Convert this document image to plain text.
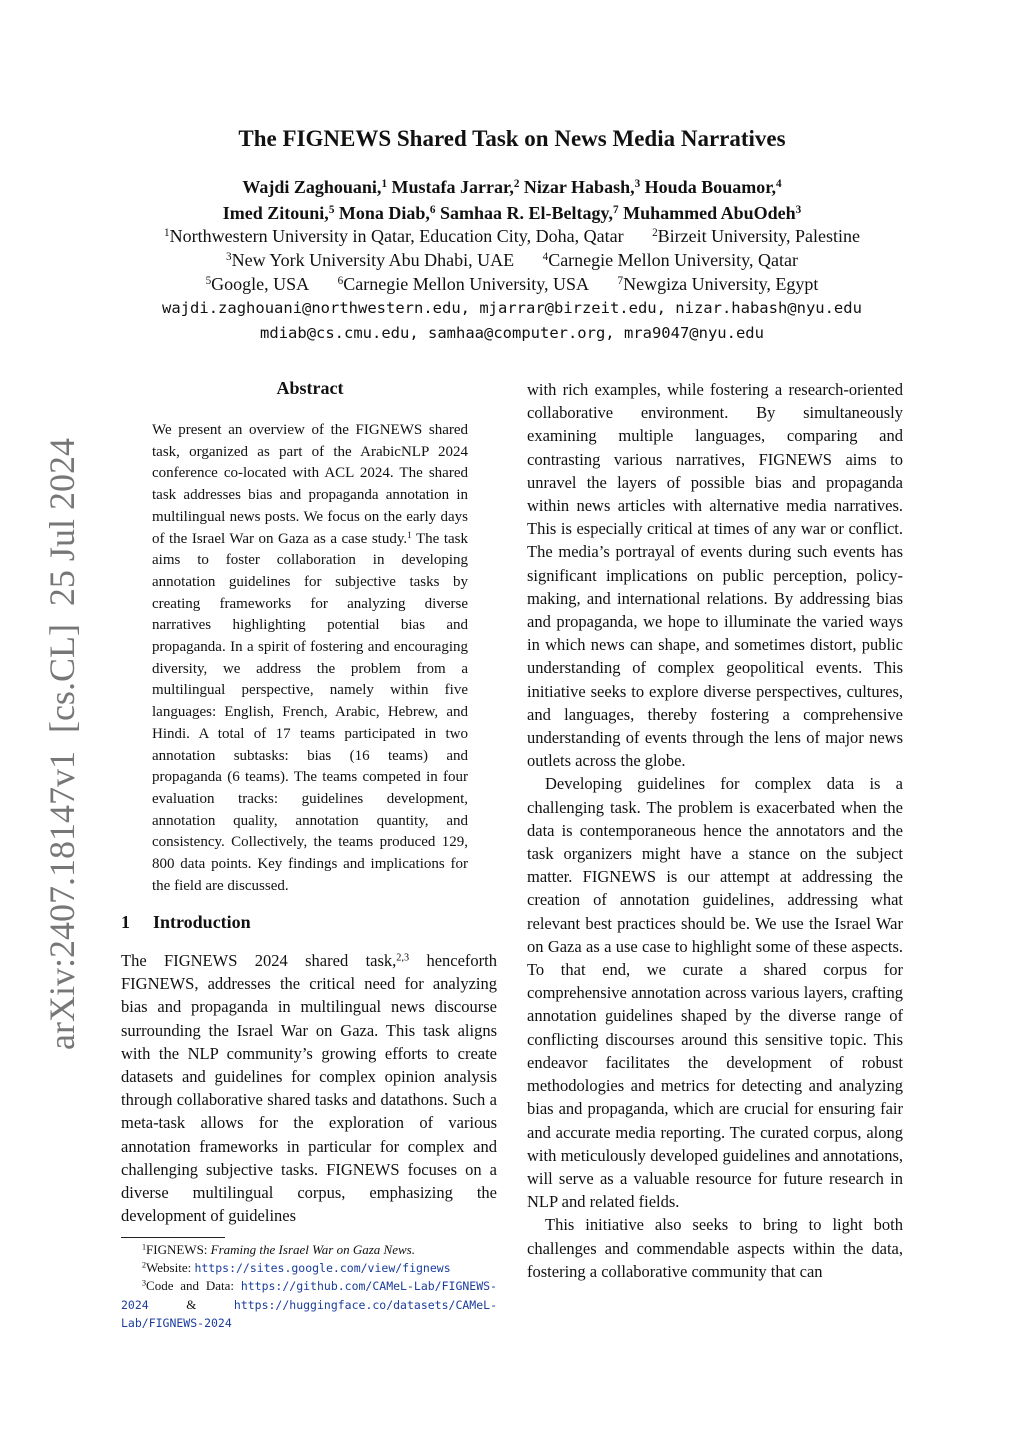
arXiv:2407.18147v1  [cs.CL]  25 Jul 2024
The FIGNEWS Shared Task on News Media Narratives
Wajdi Zaghouani,$^1$ Mustafa Jarrar,$^2$ Nizar Habash,$^3$ Houda Bouamor,$^4$
Imed Zitouni,$^5$ Mona Diab,$^6$ Samhaa R. El-Beltagy,$^7$ Muhammed AbuOdeh$^3$
$^1$Northwestern University in Qatar, Education City, Doha, Qatar	$^2$Birzeit University, Palestine
$^3$New York University Abu Dhabi, UAE	$^4$Carnegie Mellon University, Qatar
$^5$Google, USA	$^6$Carnegie Mellon University, USA	$^7$Newgiza University, Egypt
wajdi.zaghouani@northwestern.edu, mjarrar@birzeit.edu, nizar.habash@nyu.edu
mdiab@cs.cmu.edu, samhaa@computer.org, mra9047@nyu.edu
Abstract
We present an overview of the FIGNEWS shared task, organized as part of the ArabicNLP 2024 conference co-located with ACL 2024. The shared task addresses bias and propaganda annotation in multilingual news posts. We focus on the early days of the Israel War on Gaza as a case study.$^1$ The task aims to foster collaboration in developing annotation guidelines for subjective tasks by creating frameworks for analyzing diverse narratives highlighting potential bias and propaganda. In a spirit of fostering and encouraging diversity, we address the problem from a multilingual perspective, namely within five languages: English, French, Arabic, Hebrew, and Hindi. A total of 17 teams participated in two annotation subtasks: bias (16 teams) and propaganda (6 teams). The teams competed in four evaluation tracks: guidelines development, annotation quality, annotation quantity, and consistency. Collectively, the teams produced 129, 800 data points. Key findings and implications for the field are discussed.
1 Introduction
The FIGNEWS 2024 shared task,$^{2,3}$ henceforth FIGNEWS, addresses the critical need for analyzing bias and propaganda in multilingual news discourse surrounding the Israel War on Gaza. This task aligns with the NLP community’s growing efforts to create datasets and guidelines for complex opinion analysis through collaborative shared tasks and datathons. Such a meta-task allows for the exploration of various annotation frameworks in particular for complex and challenging subjective tasks. FIGNEWS focuses on a diverse multilingual corpus, emphasizing the development of guidelines

with rich examples, while fostering a research-oriented collaborative environment. By simultaneously examining multiple languages, comparing and contrasting various narratives, FIGNEWS aims to unravel the layers of possible bias and propaganda within news articles with alternative media narratives. This is especially critical at times of any war or conflict. The media’s portrayal of events during such events has significant implications on public perception, policy-making, and international relations. By addressing bias and propaganda, we hope to illuminate the varied ways in which news can shape, and sometimes distort, public understanding of complex geopolitical events. This initiative seeks to explore diverse perspectives, cultures, and languages, thereby fostering a comprehensive understanding of events through the lens of major news outlets across the globe.

Developing guidelines for complex data is a challenging task. The problem is exacerbated when the data is contemporaneous hence the annotators and the task organizers might have a stance on the subject matter. FIGNEWS is our attempt at addressing the creation of annotation guidelines, addressing what relevant best practices should be. We use the Israel War on Gaza as a use case to highlight some of these aspects. To that end, we curate a shared corpus for comprehensive annotation across various layers, crafting annotation guidelines shaped by the diverse range of conflicting discourses around this sensitive topic. This endeavor facilitates the development of robust methodologies and metrics for detecting and analyzing bias and propaganda, which are crucial for ensuring fair and accurate media reporting. The curated corpus, along with meticulously developed guidelines and annotations, will serve as a valuable resource for future research in NLP and related fields.

This initiative also seeks to bring to light both challenges and commendable aspects within the data, fostering a collaborative community that can

$^1$FIGNEWS: Framing the Israel War on Gaza News.
$^2$Website: https://sites.google.com/view/fignews
$^3$Code and Data: https://github.com/CAMeL-Lab/FIGNEWS-2024 & https://huggingface.co/datasets/CAMeL-Lab/FIGNEWS-2024
